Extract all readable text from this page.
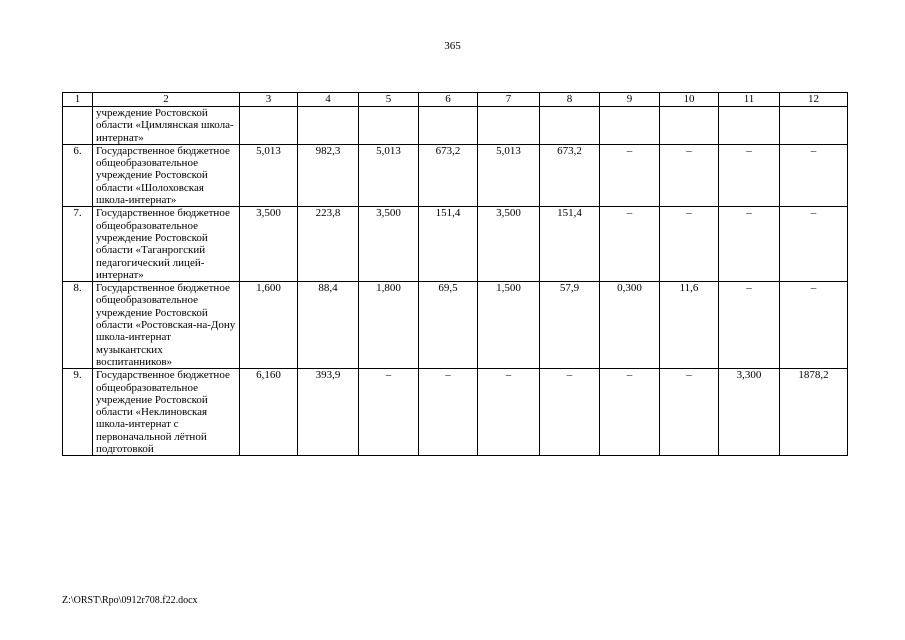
365
1	2	3	4	5	6	7	8	9	10	11	12
	учреждение Ростовской области «Цимлянская школа-интернат»										
6.	Государственное бюджетное общеобразовательное учреждение Ростовской области «Шолоховская школа-интернат»	5,013	982,3	5,013	673,2	5,013	673,2	–	–	–	–
7.	Государственное бюджетное общеобразовательное учреждение Ростовской области «Таганрогский педагогический лицей-интернат»	3,500	223,8	3,500	151,4	3,500	151,4	–	–	–	–
8.	Государственное бюджетное общеобразовательное учреждение Ростовской области «Ростовская-на-Дону школа-интернат музыкантских воспитанников»	1,600	88,4	1,800	69,5	1,500	57,9	0,300	11,6	–	–
9.	Государственное бюджетное общеобразовательное учреждение Ростовской области «Неклиновская школа-интернат с первоначальной лётной подготовкой	6,160	393,9	–	–	–	–	–	–	3,300	1878,2
Z:\ORST\Rpo\0912r708.f22.docx
